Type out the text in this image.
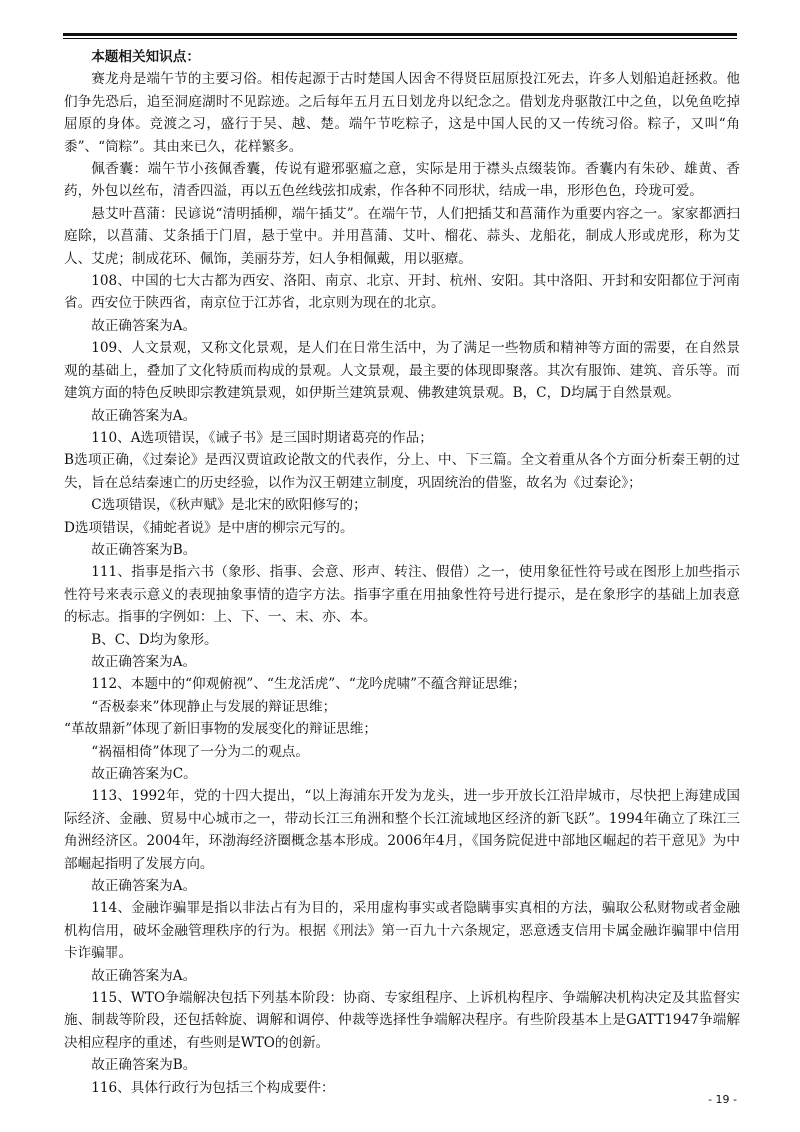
本题相关知识点：

赛龙舟是端午节的主要习俗。相传起源于古时楚国人因舍不得贤臣屈原投江死去，许多人划船追赶拯救。他们争先恐后，追至洞庭湖时不见踪迹。之后每年五月五日划龙舟以纪念之。借划龙舟驱散江中之鱼，以免鱼吃掉屈原的身体。竞渡之习，盛行于吴、越、楚。端午节吃粽子，这是中国人民的又一传统习俗。粽子，又叫“角黍”、“筒粽”。其由来已久，花样繁多。

佩香囊：端午节小孩佩香囊，传说有避邪驱瘟之意，实际是用于襟头点缀装饰。香囊内有朱砂、雄黄、香药，外包以丝布，清香四溢，再以五色丝线弦扣成索，作各种不同形状，结成一串，形形色色，玲珑可爱。

悬艾叶菖蒲：民谚说“清明插柳，端午插艾”。在端午节，人们把插艾和菖蒲作为重要内容之一。家家都洒扫庭除，以菖蒲、艾条插于门眉，悬于堂中。并用菖蒲、艾叶、榴花、蒜头、龙船花，制成人形或虎形，称为艾人、艾虎；制成花环、佩饰，美丽芬芳，妇人争相佩戴，用以驱瘴。

108、中国的七大古都为西安、洛阳、南京、北京、开封、杭州、安阳。其中洛阳、开封和安阳都位于河南省。西安位于陕西省，南京位于江苏省，北京则为现在的北京。

故正确答案为A。

109、人文景观，又称文化景观，是人们在日常生活中，为了满足一些物质和精神等方面的需要，在自然景观的基础上，叠加了文化特质而构成的景观。人文景观，最主要的体现即聚落。其次有服饰、建筑、音乐等。而建筑方面的特色反映即宗教建筑景观，如伊斯兰建筑景观、佛教建筑景观。B，C，D均属于自然景观。

故正确答案为A。

110、A选项错误，《诫子书》是三国时期诸葛亮的作品；

B选项正确，《过秦论》是西汉贾谊政论散文的代表作，分上、中、下三篇。全文着重从各个方面分析秦王朝的过失，旨在总结秦速亡的历史经验，以作为汉王朝建立制度，巩固统治的借鉴，故名为《过秦论》；

C选项错误，《秋声赋》是北宋的欧阳修写的；

D选项错误，《捕蛇者说》是中唐的柳宗元写的。

故正确答案为B。

111、指事是指六书（象形、指事、会意、形声、转注、假借）之一，使用象征性符号或在图形上加些指示性符号来表示意义的表现抽象事情的造字方法。指事字重在用抽象性符号进行提示，是在象形字的基础上加表意的标志。指事的字例如：上、下、一、末、亦、本。

B、C、D均为象形。

故正确答案为A。

112、本题中的“仰观俯视”、“生龙活虎”、“龙吟虎啸”不蕴含辩证思维；

“否极泰来”体现静止与发展的辩证思维；

“革故鼎新”体现了新旧事物的发展变化的辩证思维；

“祸福相倚”体现了一分为二的观点。

故正确答案为C。

113、1992年，党的十四大提出，“以上海浦东开发为龙头，进一步开放长江沿岸城市，尽快把上海建成国际经济、金融、贸易中心城市之一，带动长江三角洲和整个长江流域地区经济的新飞跃”。1994年确立了珠江三角洲经济区。2004年，环渤海经济圈概念基本形成。2006年4月，《国务院促进中部地区崛起的若干意见》为中部崛起指明了发展方向。

故正确答案为A。

114、金融诈骗罪是指以非法占有为目的，采用虚构事实或者隐瞒事实真相的方法，骗取公私财物或者金融机构信用，破坏金融管理秩序的行为。根据《刑法》第一百九十六条规定，恶意透支信用卡属金融诈骗罪中信用卡诈骗罪。

故正确答案为A。

115、WTO争端解决包括下列基本阶段：协商、专家组程序、上诉机构程序、争端解决机构决定及其监督实施、制裁等阶段，还包括斡旋、调解和调停、仲裁等选择性争端解决程序。有些阶段基本上是GATT1947争端解决相应程序的重述，有些则是WTO的创新。

故正确答案为B。

116、具体行政行为包括三个构成要件：

- 19 -
